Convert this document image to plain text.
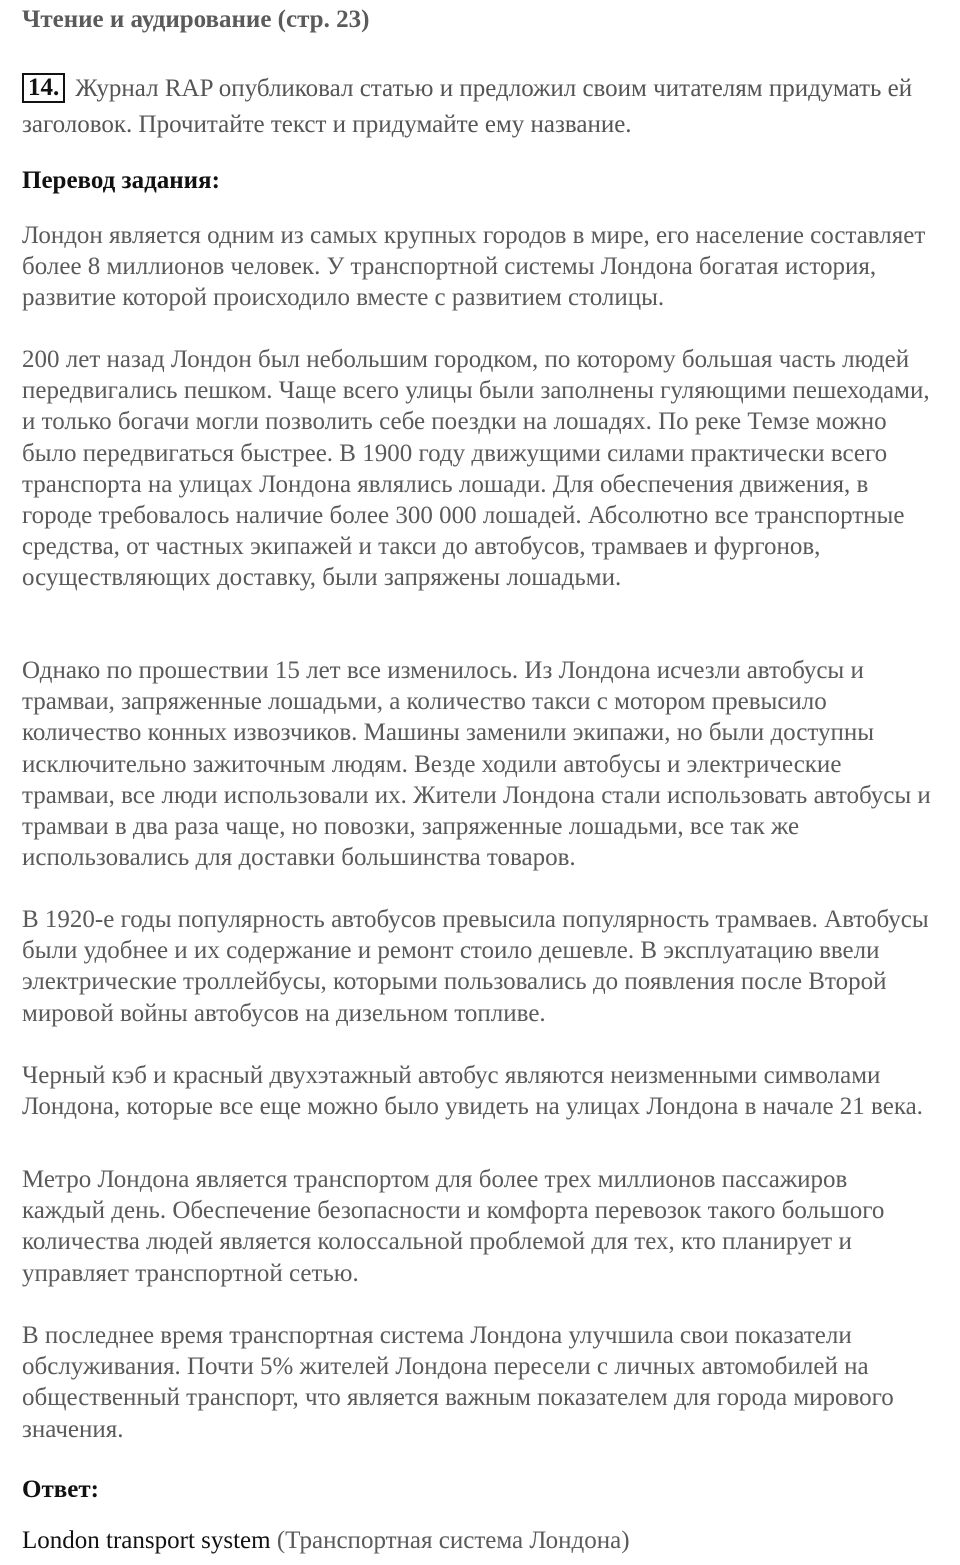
Чтение и аудирование (стр. 23)
14. Журнал RAP опубликовал статью и предложил своим читателям придумать ей заголовок. Прочитайте текст и придумайте ему название.
Перевод задания:

Лондон является одним из самых крупных городов в мире, его население составляет более 8 миллионов человек. У транспортной системы Лондона богатая история, развитие которой происходило вместе с развитием столицы.

200 лет назад Лондон был небольшим городком, по которому большая часть людей передвигались пешком. Чаще всего улицы были заполнены гуляющими пешеходами, и только богачи могли позволить себе поездки на лошадях. По реке Темзе можно было передвигаться быстрее. В 1900 году движущими силами практически всего транспорта на улицах Лондона являлись лошади. Для обеспечения движения, в городе требовалось наличие более 300 000 лошадей. Абсолютно все транспортные средства, от частных экипажей и такси до автобусов, трамваев и фургонов, осуществляющих доставку, были запряжены лошадьми.

Однако по прошествии 15 лет все изменилось. Из Лондона исчезли автобусы и трамваи, запряженные лошадьми, а количество такси с мотором превысило количество конных извозчиков. Машины заменили экипажи, но были доступны исключительно зажиточным людям. Везде ходили автобусы и электрические трамваи, все люди использовали их. Жители Лондона стали использовать автобусы и трамваи в два раза чаще, но повозки, запряженные лошадьми, все так же использовались для доставки большинства товаров.

В 1920-е годы популярность автобусов превысила популярность трамваев. Автобусы были удобнее и их содержание и ремонт стоило дешевле. В эксплуатацию ввели электрические троллейбусы, которыми пользовались до появления после Второй мировой войны автобусов на дизельном топливе.

Черный кэб и красный двухэтажный автобус являются неизменными символами Лондона, которые все еще можно было увидеть на улицах Лондона в начале 21 века.

Метро Лондона является транспортом для более трех миллионов пассажиров каждый день. Обеспечение безопасности и комфорта перевозок такого большого количества людей является колоссальной проблемой для тех, кто планирует и управляет транспортной сетью.

В последнее время транспортная система Лондона улучшила свои показатели обслуживания. Почти 5% жителей Лондона пересели с личных автомобилей на общественный транспорт, что является важным показателем для города мирового значения.

Ответ:
London transport system (Транспортная система Лондона)
